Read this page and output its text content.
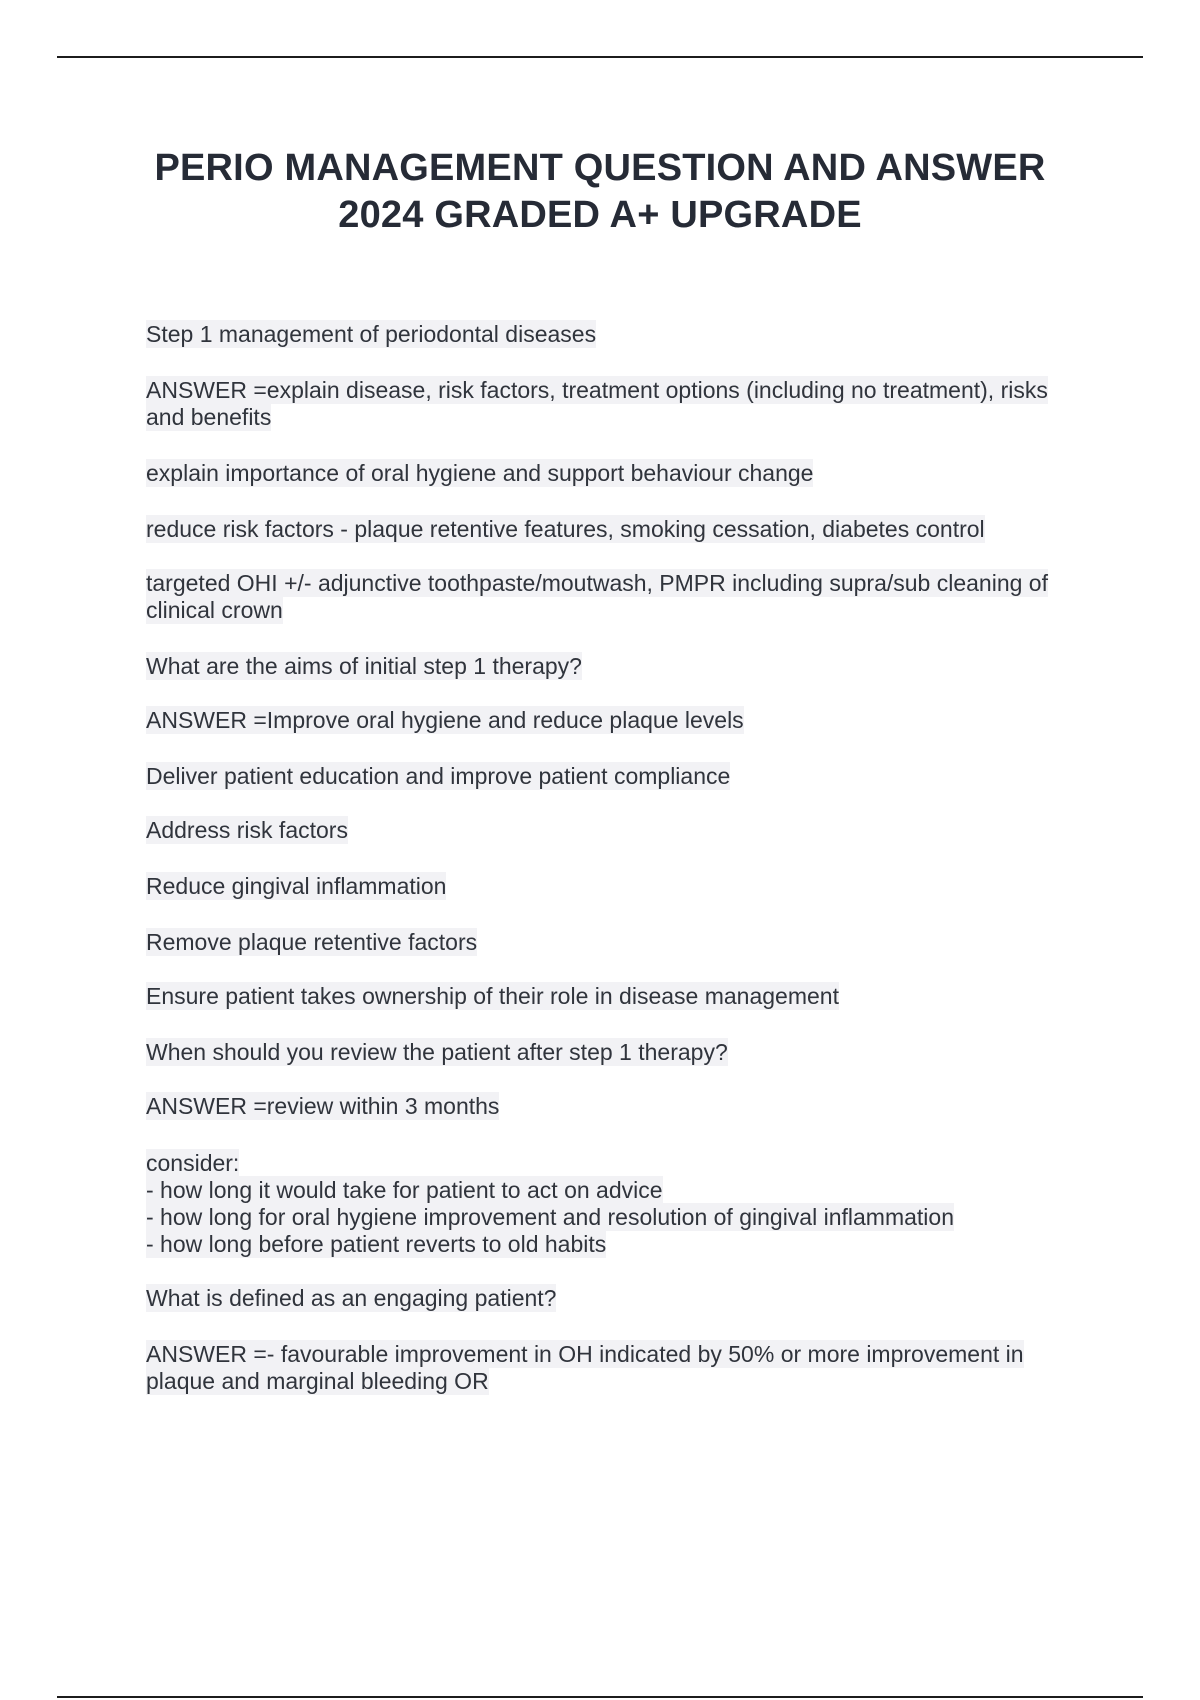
PERIO MANAGEMENT QUESTION AND ANSWER
2024 GRADED A+ UPGRADE
Step 1 management of periodontal diseases
ANSWER =explain disease, risk factors, treatment options (including no treatment), risks and benefits
explain importance of oral hygiene and support behaviour change
reduce risk factors - plaque retentive features, smoking cessation, diabetes control
targeted OHI +/- adjunctive toothpaste/moutwash, PMPR including supra/sub cleaning of clinical crown
What are the aims of initial step 1 therapy?
ANSWER =Improve oral hygiene and reduce plaque levels
Deliver patient education and improve patient compliance
Address risk factors
Reduce gingival inflammation
Remove plaque retentive factors
Ensure patient takes ownership of their role in disease management
When should you review the patient after step 1 therapy?
ANSWER =review within 3 months
consider:
- how long it would take for patient to act on advice
- how long for oral hygiene improvement and resolution of gingival inflammation
- how long before patient reverts to old habits
What is defined as an engaging patient?
ANSWER =- favourable improvement in OH indicated by 50% or more improvement in plaque and marginal bleeding OR
